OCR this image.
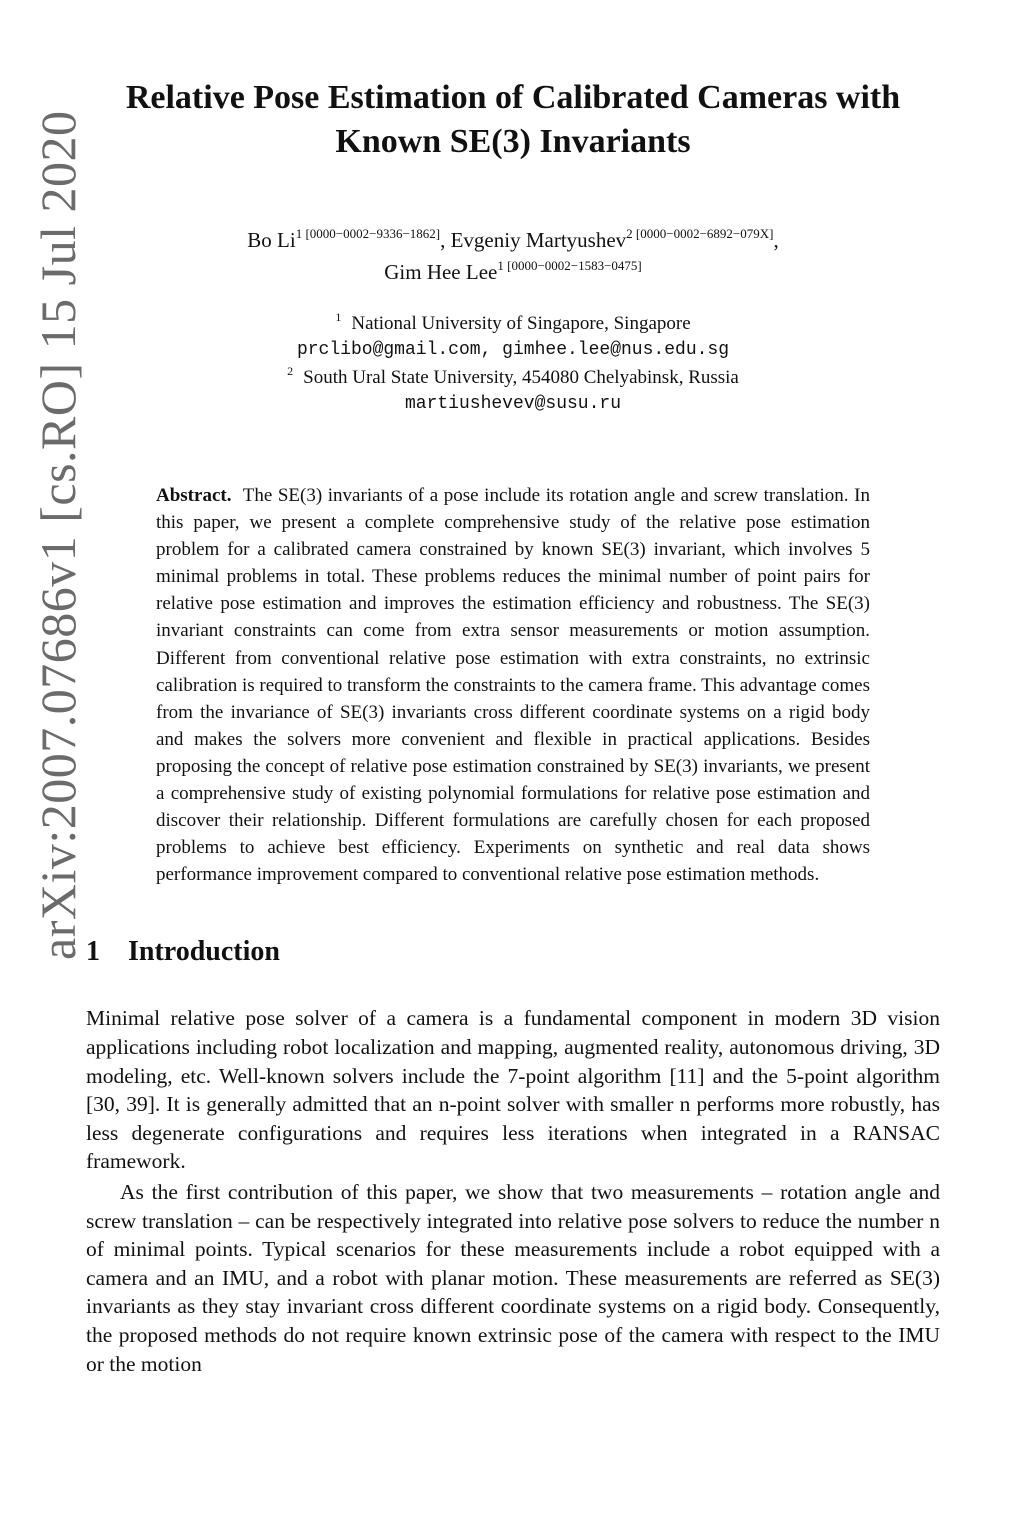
arXiv:2007.07686v1 [cs.RO] 15 Jul 2020
Relative Pose Estimation of Calibrated Cameras with
Known SE(3) Invariants
Bo $Li^{1 [0000-0002-9336-1862]}$, Evgeniy Martyushev$^{2 [0000-0002-6892-079X]}$,
Gim Hee Lee$^{1 [0000-0002-1583-0475]}$
$^1$ National University of Singapore, Singapore
prclibo@gmail.com, gimhee.lee@nus.edu.sg
$^2$ South Ural State University, 454080 Chelyabinsk, Russia
martiushevev@susu.ru
Abstract. The SE(3) invariants of a pose include its rotation angle and screw translation. In this paper, we present a complete comprehensive study of the relative pose estimation problem for a calibrated camera constrained by known SE(3) invariant, which involves 5 minimal problems in total. These problems reduces the minimal number of point pairs for relative pose estimation and improves the estimation efficiency and robustness. The SE(3) invariant constraints can come from extra sensor measurements or motion assumption. Different from conventional relative pose estimation with extra constraints, no extrinsic calibration is required to transform the constraints to the camera frame. This advantage comes from the invariance of SE(3) invariants cross different coordinate systems on a rigid body and makes the solvers more convenient and flexible in practical applications. Besides proposing the concept of relative pose estimation constrained by SE(3) invariants, we present a comprehensive study of existing polynomial formulations for relative pose estimation and discover their relationship. Different formulations are carefully chosen for each proposed problems to achieve best efficiency. Experiments on synthetic and real data shows performance improvement compared to conventional relative pose estimation methods.
1 Introduction

Minimal relative pose solver of a camera is a fundamental component in modern 3D vision applications including robot localization and mapping, augmented reality, autonomous driving, 3D modeling, etc. Well-known solvers include the 7-point algorithm [11] and the 5-point algorithm [30, 39]. It is generally admitted that an n-point solver with smaller n performs more robustly, has less degenerate configurations and requires less iterations when integrated in a RANSAC framework.

As the first contribution of this paper, we show that two measurements – rotation angle and screw translation – can be respectively integrated into relative pose solvers to reduce the number n of minimal points. Typical scenarios for these measurements include a robot equipped with a camera and an IMU, and a robot with planar motion. These measurements are referred as SE(3) invariants as they stay invariant cross different coordinate systems on a rigid body. Consequently, the proposed methods do not require known extrinsic pose of the camera with respect to the IMU or the motion
